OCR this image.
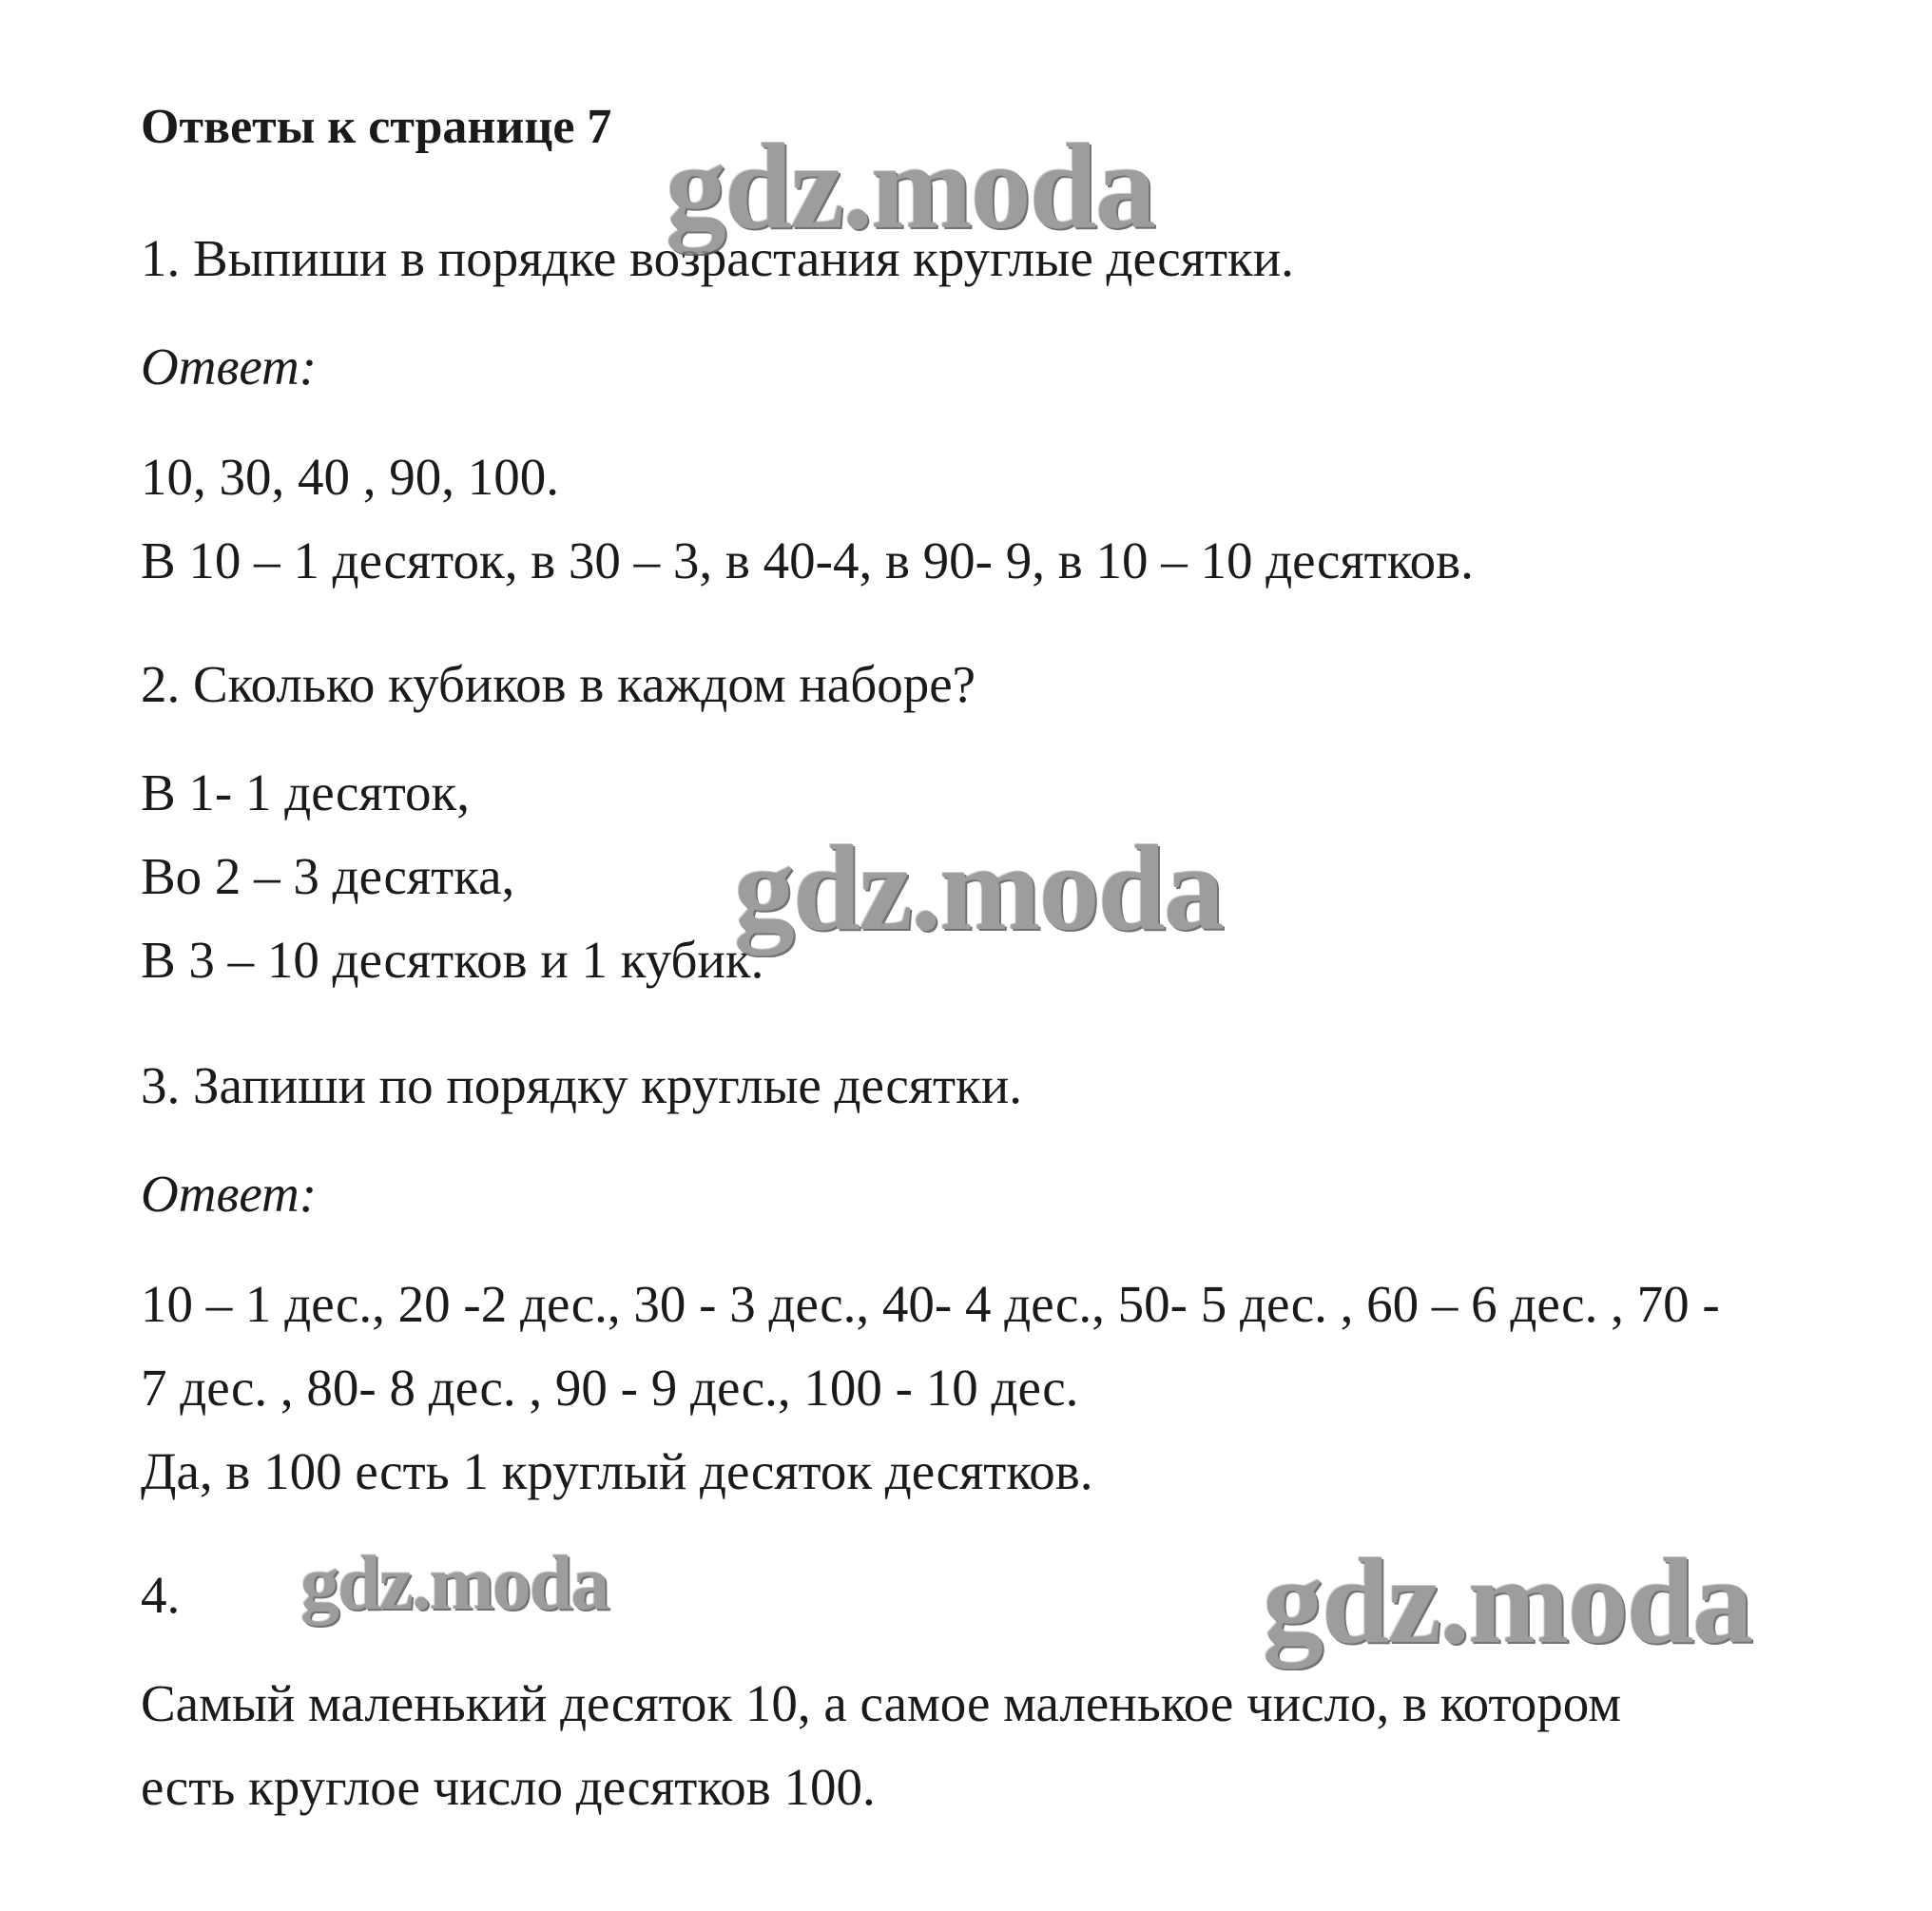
Ответы к странице 7
1. Выпиши в порядке возрастания круглые десятки.
Ответ:
10, 30, 40 , 90, 100.
В 10 – 1 десяток, в 30 – 3, в 40-4, в 90- 9, в 10 – 10 десятков.
2. Сколько кубиков в каждом наборе?
В 1- 1 десяток,
Во 2 – 3 десятка,
В 3 – 10 десятков и 1 кубик.
3. Запиши по порядку круглые десятки.
Ответ:
10 – 1 дес., 20 -2 дес., 30 - 3 дес., 40- 4 дес., 50- 5 дес. , 60 – 6 дес. , 70 -
7 дес. , 80- 8 дес. , 90 - 9 дес., 100 - 10 дес.
Да, в 100 есть 1 круглый десяток десятков.
4.
Самый маленький десяток 10, а самое маленькое число, в котором
есть круглое число десятков 100.
gdz.moda
gdz.moda
gdz.moda	gdz.moda
